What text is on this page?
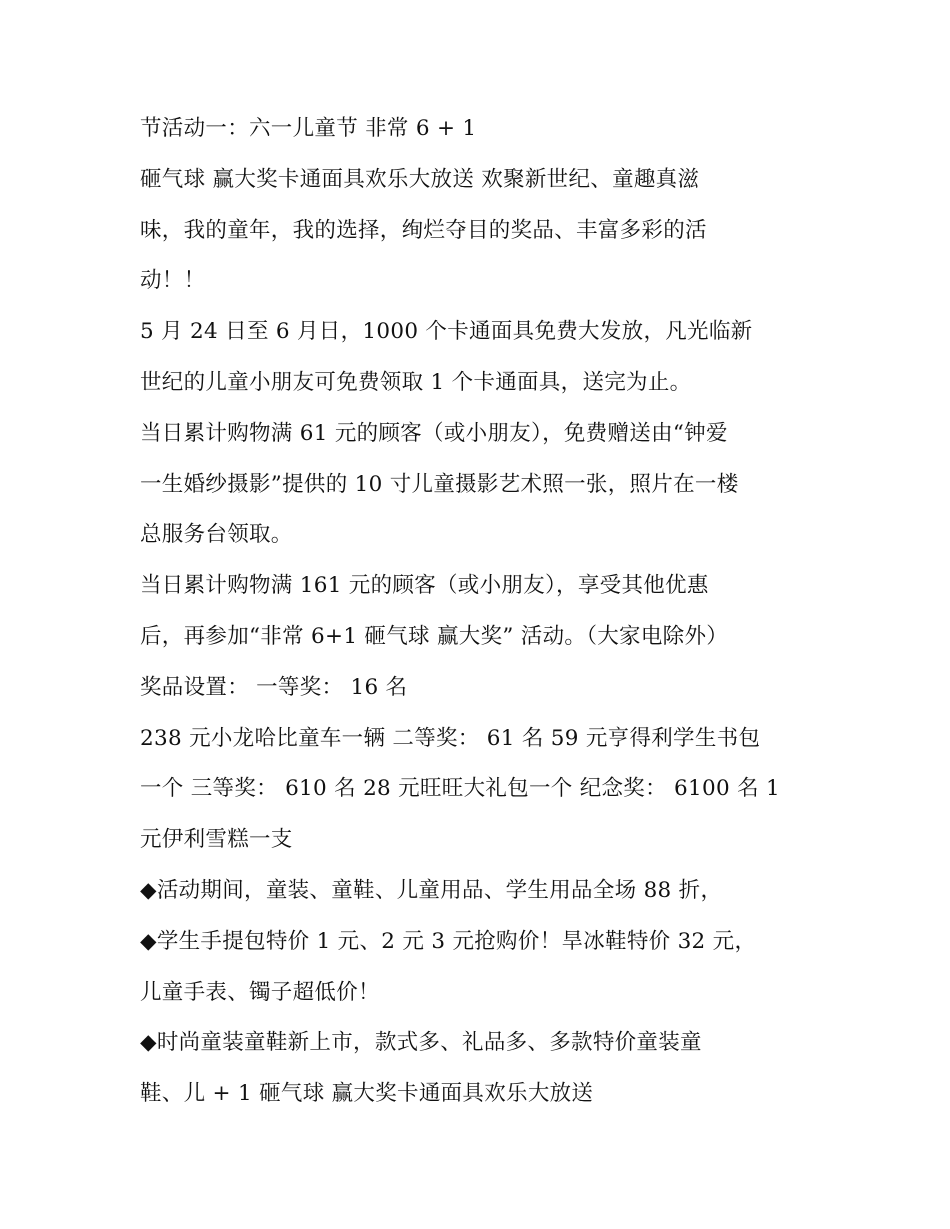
节活动一：六一儿童节 非常 6 + 1
砸气球 赢大奖卡通面具欢乐大放送 欢聚新世纪、童趣真滋
味，我的童年，我的选择，绚烂夺目的奖品、丰富多彩的活
动！！
5 月 24 日至 6 月日，1000 个卡通面具免费大发放，凡光临新
世纪的儿童小朋友可免费领取 1 个卡通面具，送完为止。
当日累计购物满 61 元的顾客（或小朋友），免费赠送由“钟爱
一生婚纱摄影”提供的 10 寸儿童摄影艺术照一张，照片在一楼
总服务台领取。
当日累计购物满 161 元的顾客（或小朋友），享受其他优惠
后，再参加“非常 6+1 砸气球 赢大奖” 活动。（大家电除外）
奖品设置： 一等奖： 16 名
238 元小龙哈比童车一辆 二等奖： 61 名 59 元亨得利学生书包
一个 三等奖： 610 名 28 元旺旺大礼包一个 纪念奖： 6100 名 1
元伊利雪糕一支
◆活动期间，童装、童鞋、儿童用品、学生用品全场 88 折，
◆学生手提包特价 1 元、2 元 3 元抢购价！旱冰鞋特价 32 元，
儿童手表、镯子超低价！
◆时尚童装童鞋新上市，款式多、礼品多、多款特价童装童
鞋、儿 + 1 砸气球 赢大奖卡通面具欢乐大放送
